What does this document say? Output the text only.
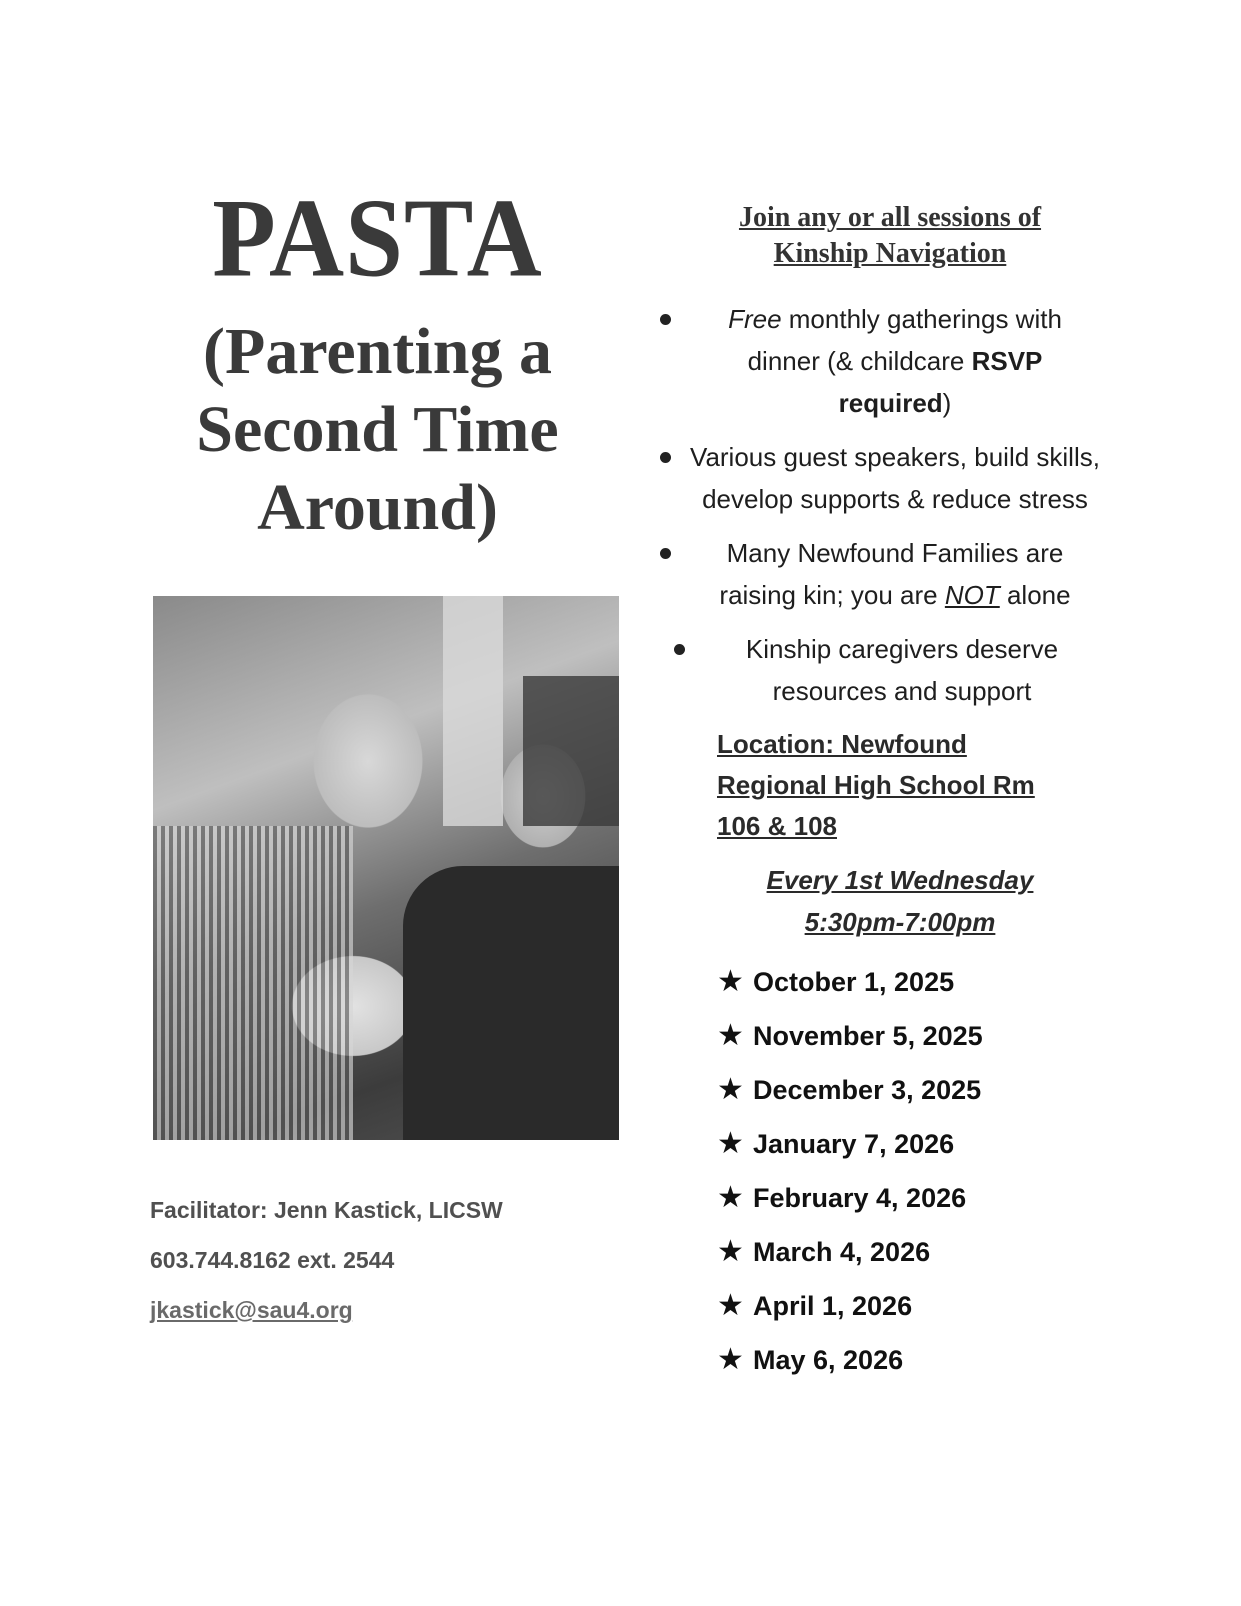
PASTA
(Parenting a
Second Time
Around)
Facilitator: Jenn Kastick, LICSW
603.744.8162 ext. 2544
jkastick@sau4.org
Join any or all sessions of
Kinship Navigation
Free monthly gatherings with dinner (& childcare RSVP required)
Various guest speakers, build skills, develop supports & reduce stress
Many Newfound Families are raising kin; you are NOT alone
Kinship caregivers deserve resources and support
Location: Newfound Regional High School Rm 106 & 108
Every 1st Wednesday
5:30pm-7:00pm
★ October 1, 2025
★ November 5, 2025
★ December 3, 2025
★ January 7, 2026
★ February 4, 2026
★ March 4, 2026
★ April 1, 2026
★ May 6, 2026
